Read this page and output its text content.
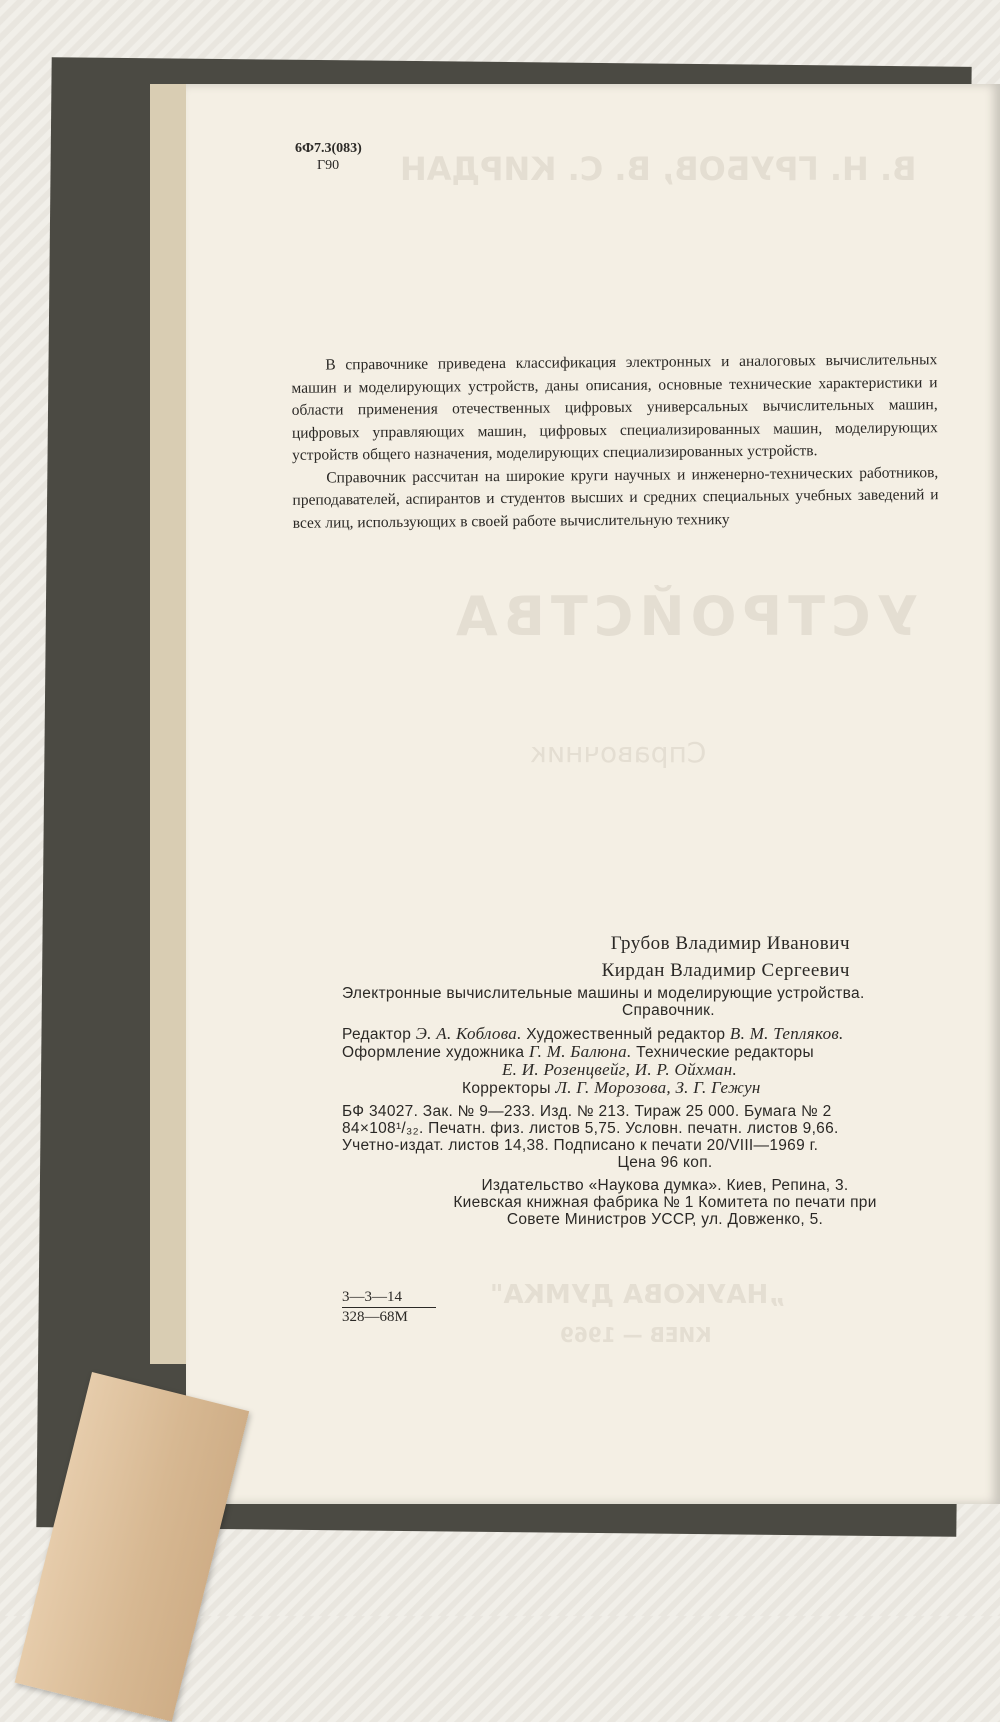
В. Н. ГРУБОВ, В. С. КИРДАН
УСТРОЙСТВА
Справочник
„НАУКОВА ДУМКА"
КИЕВ — 1969
6Ф7.3(083)
Г90

В справочнике приведена классификация электронных и аналоговых вычислительных машин и моделирующих устройств, даны описания, основные технические характеристики и области применения отечественных цифровых универсальных вычислительных машин, цифровых управляющих машин, цифровых специализированных машин, моделирующих устройств общего назначения, моделирующих специализированных устройств.

Справочник рассчитан на широкие круги научных и инженерно-технических работников, преподавателей, аспирантов и студентов высших и средних специальных учебных заведений и всех лиц, использующих в своей работе вычислительную технику

Грубов Владимир Иванович
Кирдан Владимир Сергеевич
Электронные вычислительные машины и моделирующие устройства.
Справочник.
Редактор Э. А. Коблова. Художественный редактор В. М. Тепляков.
Оформление художника Г. М. Балюна. Технические редакторы
Е. И. Розенцвейг, И. Р. Ойхман.
Корректоры Л. Г. Морозова, З. Г. Гежун
БФ 34027. Зак. № 9—233. Изд. № 213. Тираж 25 000. Бумага № 2
84×108¹/₃₂. Печатн. физ. листов 5,75. Условн. печатн. листов 9,66.
Учетно-издат. листов 14,38. Подписано к печати 20/VIII—1969 г.
Цена 96 коп.
Издательство «Наукова думка». Киев, Репина, 3.
Киевская книжная фабрика № 1 Комитета по печати при
Совете Министров УССР, ул. Довженко, 5.
3—3—14
328—68М
